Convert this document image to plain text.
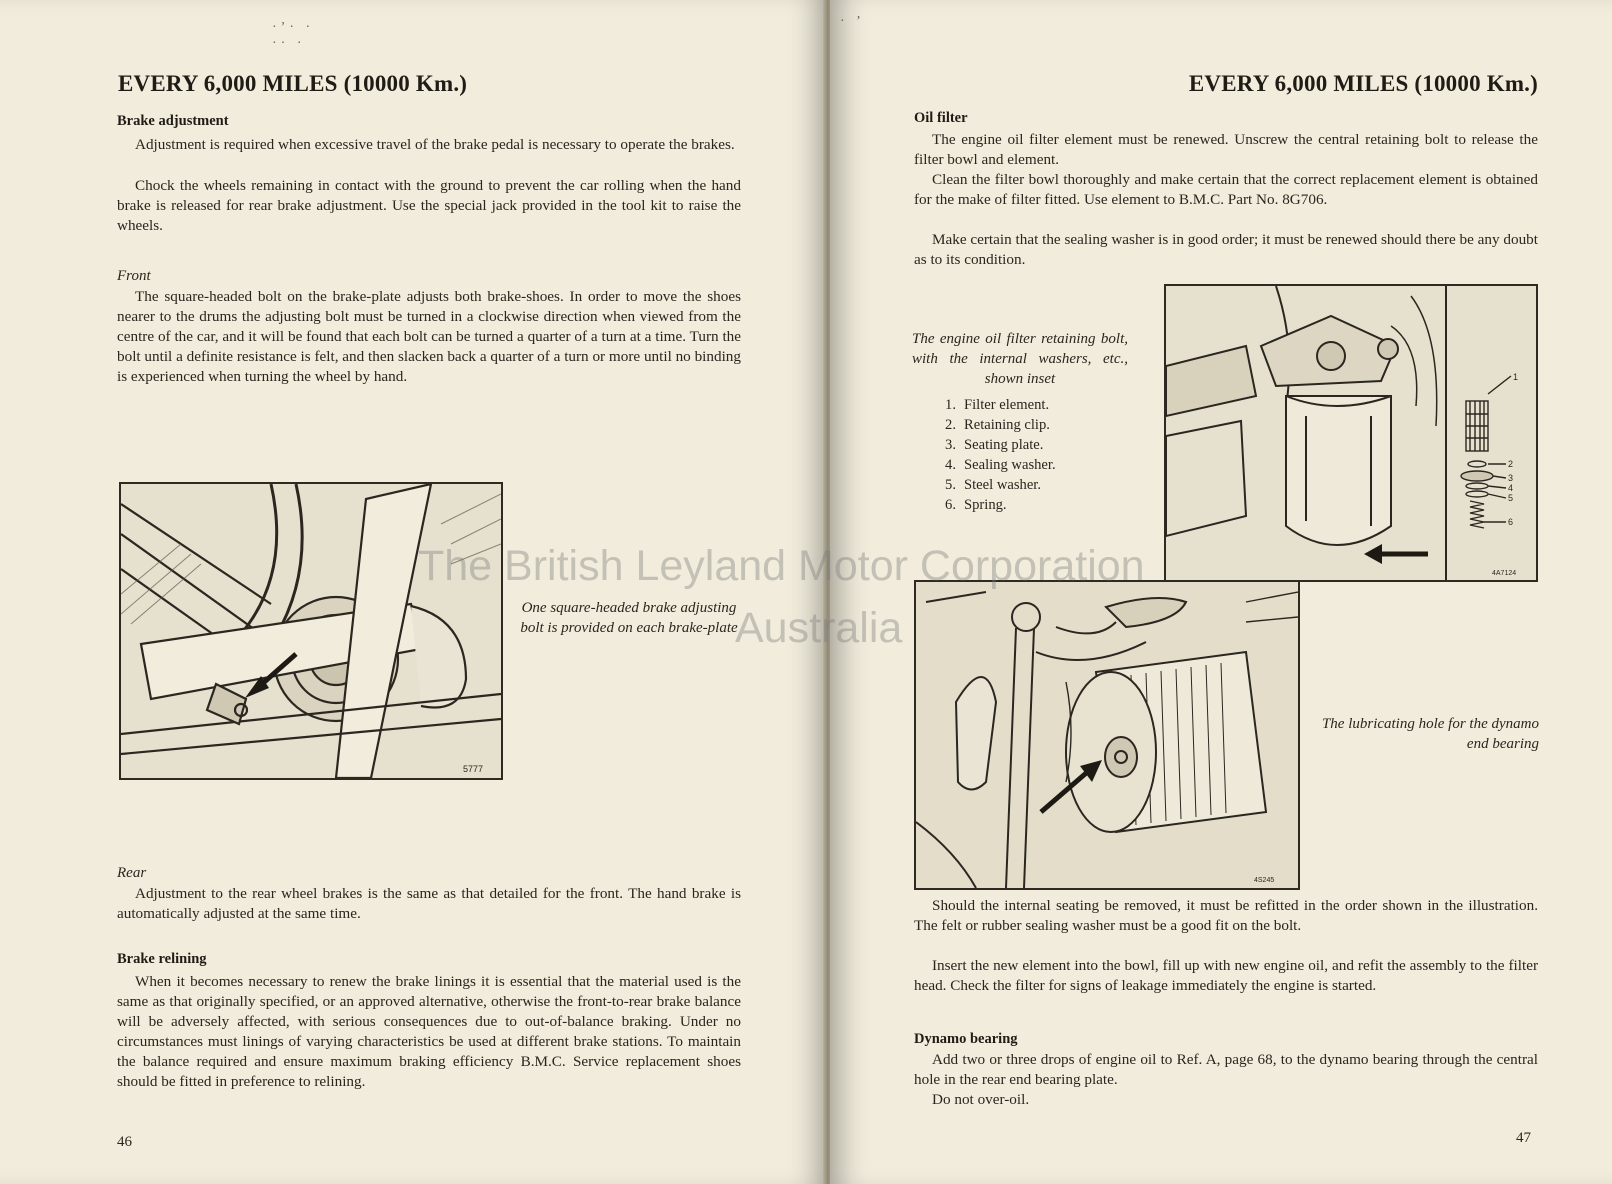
·ʼ· ·
·· ·
EVERY 6,000 MILES (10000 Km.)
Brake adjustment

Adjustment is required when excessive travel of the brake pedal is necessary to operate the brakes.

Chock the wheels remaining in contact with the ground to prevent the car rolling when the hand brake is released for rear brake adjustment. Use the special jack provided in the tool kit to raise the wheels.

Front

The square-headed bolt on the brake-plate adjusts both brake-shoes. In order to move the shoes nearer to the drums the adjusting bolt must be turned in a clockwise direction when viewed from the centre of the car, and it will be found that each bolt can be turned a quarter of a turn at a time. Turn the bolt until a definite resistance is felt, and then slacken back a quarter of a turn or more until no binding is experienced when turning the wheel by hand.

5777

One square-headed brake adjusting bolt is provided on each brake-plate

Rear

Adjustment to the rear wheel brakes is the same as that detailed for the front. The hand brake is automatically adjusted at the same time.

Brake relining

When it becomes necessary to renew the brake linings it is essential that the material used is the same as that originally specified, or an approved alternative, otherwise the front-to-rear brake balance will be adversely affected, with serious consequences due to out-of-balance braking. Under no circumstances must linings of varying characteristics be used at different brake stations. To maintain the balance required and ensure maximum braking efficiency B.M.C. Service replacement shoes should be fitted in preference to relining.

46
· ʼ
EVERY 6,000 MILES (10000 Km.)
Oil filter

The engine oil filter element must be renewed. Unscrew the central retaining bolt to release the filter bowl and element.

Clean the filter bowl thoroughly and make certain that the correct replacement element is obtained for the make of filter fitted. Use element to B.M.C. Part No. 8G706.

Make certain that the sealing washer is in good order; it must be renewed should there be any doubt as to its condition.

The engine oil filter retaining bolt, with the internal washers, etc., shown inset

1. Filter element.
2. Retaining clip.
3. Seating plate.
4. Sealing washer.
5. Steel washer.
6. Spring.
1
2
3
4
5
6
4A7124
4S245

The lubricating hole for the dynamo end bearing

Should the internal seating be removed, it must be refitted in the order shown in the illustration. The felt or rubber sealing washer must be a good fit on the bolt.

Insert the new element into the bowl, fill up with new engine oil, and refit the assembly to the filter head. Check the filter for signs of leakage immediately the engine is started.

Dynamo bearing

Add two or three drops of engine oil to Ref. A, page 68, to the dynamo bearing through the central hole in the rear end bearing plate.

Do not over-oil.

47
The British Leyland Motor Corporation
Australia
